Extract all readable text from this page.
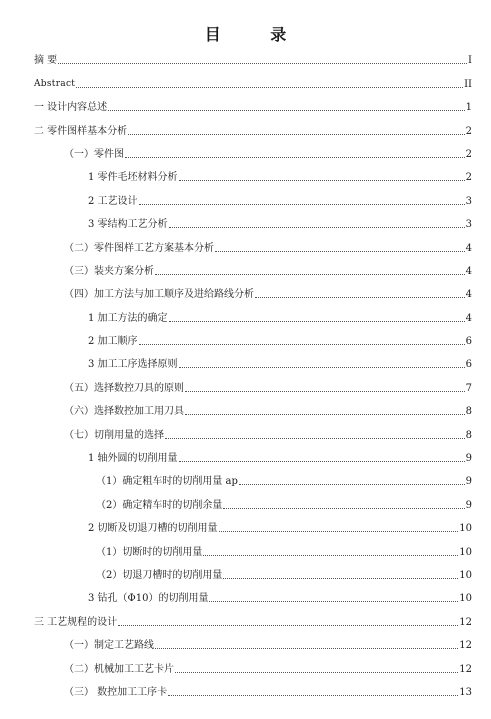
目 录
摘 要	I
Abstract	II
一 设计内容总述	1
二 零件图样基本分析	2
（一）零件图	2
1 零件毛坯材料分析	2
2 工艺设计	3
3 零结构工艺分析	3
（二）零件图样工艺方案基本分析	4
（三）装夹方案分析	4
（四）加工方法与加工顺序及进给路线分析	4
1 加工方法的确定	4
2 加工顺序	6
3 加工工序选择原则	6
（五）选择数控刀具的原则	7
（六）选择数控加工用刀具	8
（七）切削用量的选择	8
1 轴外圆的切削用量	9
（1）确定粗车时的切削用量 ap	9
（2）确定精车时的切削余量	9
2 切断及切退刀槽的切削用量	10
（1）切断时的切削用量	10
（2）切退刀槽时的切削用量	10
3 钻孔（Φ10）的切削用量	10
三 工艺规程的设计	12
（一）制定工艺路线	12
（二）机械加工工艺卡片	12
（三） 数控加工工序卡	13
